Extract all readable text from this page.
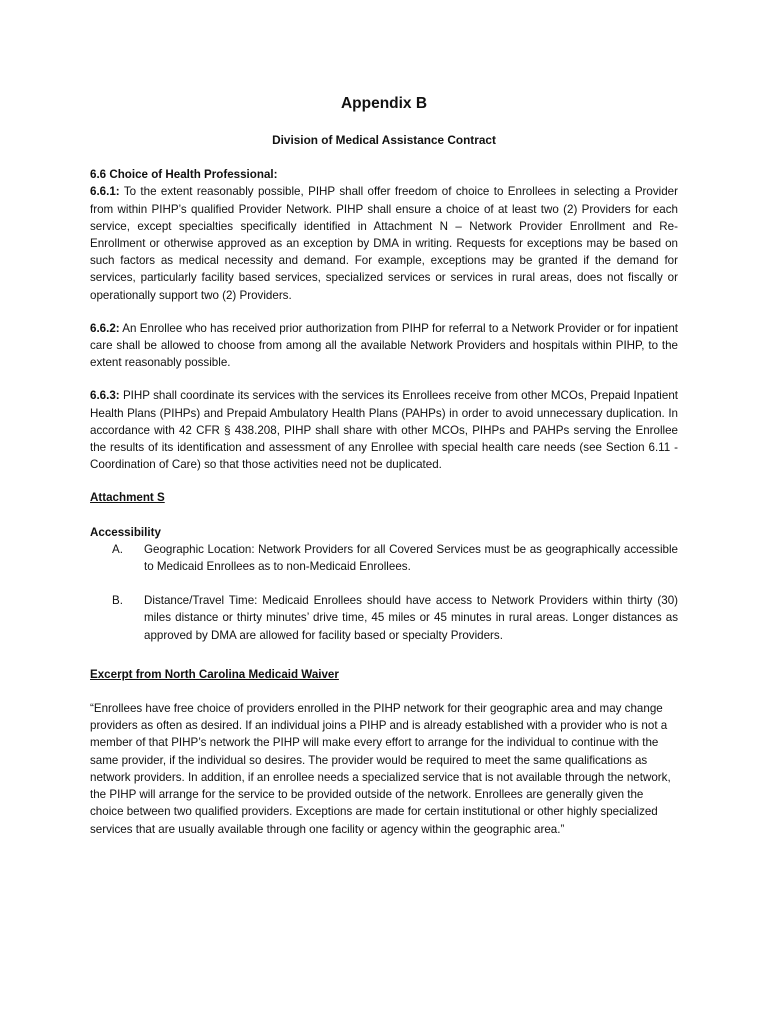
Appendix B
Division of Medical Assistance Contract
6.6 Choice of Health Professional:
6.6.1: To the extent reasonably possible, PIHP shall offer freedom of choice to Enrollees in selecting a Provider from within PIHP’s qualified Provider Network. PIHP shall ensure a choice of at least two (2) Providers for each service, except specialties specifically identified in Attachment N – Network Provider Enrollment and Re-Enrollment or otherwise approved as an exception by DMA in writing. Requests for exceptions may be based on such factors as medical necessity and demand. For example, exceptions may be granted if the demand for services, particularly facility based services, specialized services or services in rural areas, does not fiscally or operationally support two (2) Providers.
6.6.2: An Enrollee who has received prior authorization from PIHP for referral to a Network Provider or for inpatient care shall be allowed to choose from among all the available Network Providers and hospitals within PIHP, to the extent reasonably possible.
6.6.3: PIHP shall coordinate its services with the services its Enrollees receive from other MCOs, Prepaid Inpatient Health Plans (PIHPs) and Prepaid Ambulatory Health Plans (PAHPs) in order to avoid unnecessary duplication. In accordance with 42 CFR § 438.208, PIHP shall share with other MCOs, PIHPs and PAHPs serving the Enrollee the results of its identification and assessment of any Enrollee with special health care needs (see Section 6.11 - Coordination of Care) so that those activities need not be duplicated.
Attachment S
Accessibility
A.	Geographic Location: Network Providers for all Covered Services must be as geographically accessible to Medicaid Enrollees as to non-Medicaid Enrollees.
B.	Distance/Travel Time: Medicaid Enrollees should have access to Network Providers within thirty (30) miles distance or thirty minutes’ drive time, 45 miles or 45 minutes in rural areas. Longer distances as approved by DMA are allowed for facility based or specialty Providers.
Excerpt from North Carolina Medicaid Waiver
“Enrollees have free choice of providers enrolled in the PIHP network for their geographic area and may change providers as often as desired. If an individual joins a PIHP and is already established with a provider who is not a member of that PIHP’s network the PIHP will make every effort to arrange for the individual to continue with the same provider, if the individual so desires. The provider would be required to meet the same qualifications as network providers. In addition, if an enrollee needs a specialized service that is not available through the network, the PIHP will arrange for the service to be provided outside of the network. Enrollees are generally given the choice between two qualified providers. Exceptions are made for certain institutional or other highly specialized services that are usually available through one facility or agency within the geographic area.”
